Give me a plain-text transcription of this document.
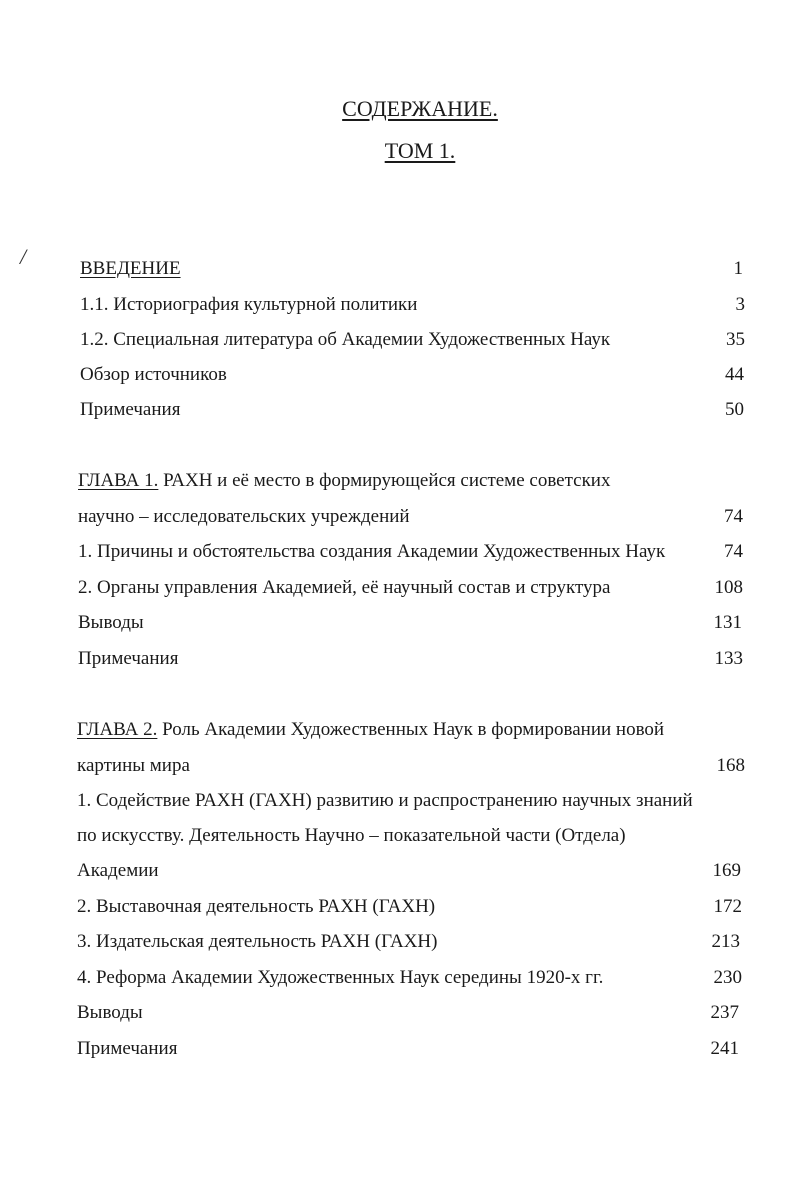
СОДЕРЖАНИЕ.
ТОМ 1.
/	ВВЕДЕНИЕ	1
1.1. Историография культурной политики	3
1.2. Специальная литература об Академии Художественных Наук	35
Обзор источников	44
Примечания	50
ГЛАВА 1. РАХН и её место в формирующейся системе советских
научно – исследовательских учреждений	74
1. Причины и обстоятельства создания Академии Художественных Наук	74
2. Органы управления Академией, её научный состав и структура	108
Выводы	131
Примечания	133
ГЛАВА 2. Роль Академии Художественных Наук в формировании новой
картины мира	168
1. Содействие РАХН (ГАХН) развитию и распространению научных знаний
по искусству. Деятельность Научно – показательной части (Отдела)
Академии	169
2. Выставочная деятельность РАХН (ГАХН)	172
3. Издательская деятельность РАХН (ГАХН)	213
4. Реформа Академии Художественных Наук середины 1920-х гг.	230
Выводы	237
Примечания	241
